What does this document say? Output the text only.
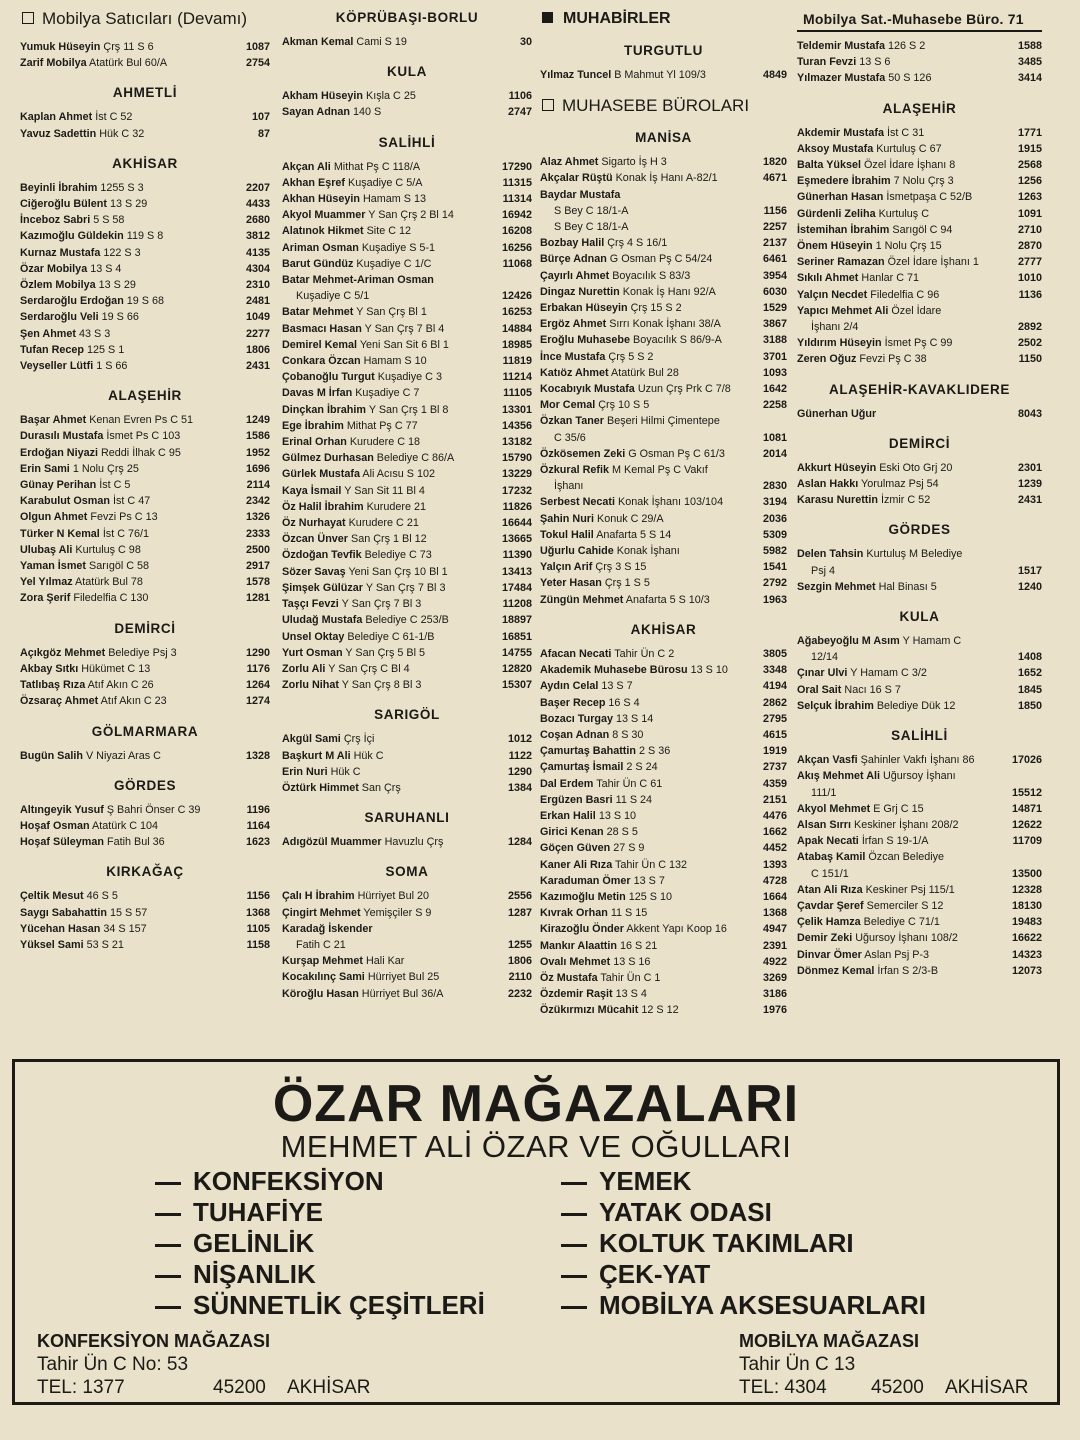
Mobilya Satıcıları (Devamı)
Yumuk Hüseyin Çrş 11 S 6	1087
Zarif Mobilya Atatürk Bul 60/A	2754
AHMETLİ
Kaplan Ahmet İst C 52	107
Yavuz Sadettin Hük C 32	87
AKHİSAR
Beyinli İbrahim 1255 S 3	2207
Ciğeroğlu Bülent 13 S 29	4433
İnceboz Sabri 5 S 58	2680
Kazımoğlu Güldekin 119 S 8	3812
Kurnaz Mustafa 122 S 3	4135
Özar Mobilya 13 S 4	4304
Özlem Mobilya 13 S 29	2310
Serdaroğlu Erdoğan 19 S 68	2481
Serdaroğlu Veli 19 S 66	1049
Şen Ahmet 43 S 3	2277
Tufan Recep 125 S 1	1806
Veyseller Lütfi 1 S 66	2431
ALAŞEHİR
Başar Ahmet Kenan Evren Ps C 51	1249
Durasılı Mustafa İsmet Ps C 103	1586
Erdoğan Niyazi Reddi İlhak C 95	1952
Erin Sami 1 Nolu Çrş 25	1696
Günay Perihan İst C 5	2114
Karabulut Osman İst C 47	2342
Olgun Ahmet Fevzi Ps C 13	1326
Türker N Kemal İst C 76/1	2333
Ulubaş Ali Kurtuluş C 98	2500
Yaman İsmet Sarıgöl C 58	2917
Yel Yılmaz Atatürk Bul 78	1578
Zora Şerif Filedelfia C 130	1281
DEMİRCİ
Açıkgöz Mehmet Belediye Psj 3	1290
Akbay Sıtkı Hükümet C 13	1176
Tatlıbaş Rıza Atıf Akın C 26	1264
Özsaraç Ahmet Atıf Akın C 23	1274
GÖLMARMARA
Bugün Salih V Niyazi Aras C	1328
GÖRDES
Altıngeyik Yusuf Ş Bahri Önser C 39	1196
Hoşaf Osman Atatürk C 104	1164
Hoşaf Süleyman Fatih Bul 36	1623
KIRKAĞAÇ
Çeltik Mesut 46 S 5	1156
Saygı Sabahattin 15 S 57	1368
Yücehan Hasan 34 S 157	1105
Yüksel Sami 53 S 21	1158
KÖPRÜBAŞI-BORLU
Akman Kemal Cami S 19	30
KULA
Akham Hüseyin Kışla C 25	1106
Sayan Adnan 140 S	2747
SALİHLİ
Akçan Ali Mithat Pş C 118/A	17290
Akhan Eşref Kuşadiye C 5/A	11315
Akhan Hüseyin Hamam S 13	11314
Akyol Muammer Y San Çrş 2 Bl 14	16942
Alatınok Hikmet Site C 12	16208
Ariman Osman Kuşadiye S 5-1	16256
Barut Gündüz Kuşadiye C 1/C	11068
Batar Mehmet-Ariman Osman
Kuşadiye C 5/1	12426
Batar Mehmet Y San Çrş Bl 1	16253
Basmacı Hasan Y San Çrş 7 Bl 4	14884
Demirel Kemal Yeni San Sit 6 Bl 1	18985
Conkara Özcan Hamam S 10	11819
Çobanoğlu Turgut Kuşadiye C 3	11214
Davas M İrfan Kuşadiye C 7	11105
Dinçkan İbrahim Y San Çrş 1 Bl 8	13301
Ege İbrahim Mithat Pş C 77	14356
Erinal Orhan Kurudere C 18	13182
Gülmez Durhasan Belediye C 86/A	15790
Gürlek Mustafa Ali Acısu S 102	13229
Kaya İsmail Y San Sit 11 Bl 4	17232
Öz Halil İbrahim Kurudere 21	11826
Öz Nurhayat Kurudere C 21	16644
Özcan Ünver San Çrş 1 Bl 12	13665
Özdoğan Tevfik Belediye C 73	11390
Sözer Savaş Yeni San Çrş 10 Bl 1	13413
Şimşek Gülüzar Y San Çrş 7 Bl 3	17484
Taşçı Fevzi Y San Çrş 7 Bl 3	11208
Uludağ Mustafa Belediye C 253/B	18897
Unsel Oktay Belediye C 61-1/B	16851
Yurt Osman Y San Çrş 5 Bl 5	14755
Zorlu Ali Y San Çrş C Bl 4	12820
Zorlu Nihat Y San Çrş 8 Bl 3	15307
SARIGÖL
Akgül Sami Çrş İçi	1012
Başkurt M Ali Hük C	1122
Erin Nuri Hük C	1290
Öztürk Himmet San Çrş	1384
SARUHANLI
Adıgözül Muammer Havuzlu Çrş	1284
SOMA
Çalı H İbrahim Hürriyet Bul 20	2556
Çingirt Mehmet Yemişçiler S 9	1287
Karadağ İskender
Fatih C 21	1255
Kurşap Mehmet Hali Kar	1806
Kocakılınç Sami Hürriyet Bul 25	2110
Köroğlu Hasan Hürriyet Bul 36/A	2232
MUHABİRLER
TURGUTLU
Yılmaz Tuncel B Mahmut Yl 109/3	4849
MUHASEBE BÜROLARI
MANİSA
Alaz Ahmet Sigarto İş H 3	1820
Akçalar Rüştü Konak İş Hanı A-82/1	4671
Baydar Mustafa
S Bey C 18/1-A	1156
S Bey C 18/1-A	2257
Bozbay Halil Çrş 4 S 16/1	2137
Bürçe Adnan G Osman Pş C 54/24	6461
Çayırlı Ahmet Boyacılık S 83/3	3954
Dingaz Nurettin Konak İş Hanı 92/A	6030
Erbakan Hüseyin Çrş 15 S 2	1529
Ergöz Ahmet Sırrı Konak İşhanı 38/A	3867
Eroğlu Muhasebe Boyacılık S 86/9-A	3188
İnce Mustafa Çrş 5 S 2	3701
Katıöz Ahmet Atatürk Bul 28	1093
Kocabıyık Mustafa Uzun Çrş Prk C 7/8	1642
Mor Cemal Çrş 10 S 5	2258
Özkan Taner Beşeri Hilmi Çimentepe
C 35/6	1081
Özkösemen Zeki G Osman Pş C 61/3	2014
Özkural Refik M Kemal Pş C Vakıf
İşhanı	2830
Serbest Necati Konak İşhanı 103/104	3194
Şahin Nuri Konuk C 29/A	2036
Tokul Halil Anafarta 5 S 14	5309
Uğurlu Cahide Konak İşhanı	5982
Yalçın Arif Çrş 3 S 15	1541
Yeter Hasan Çrş 1 S 5	2792
Züngün Mehmet Anafarta 5 S 10/3	1963
AKHİSAR
Afacan Necati Tahir Ün C 2	3805
Akademik Muhasebe Bürosu 13 S 10	3348
Aydın Celal 13 S 7	4194
Başer Recep 16 S 4	2862
Bozacı Turgay 13 S 14	2795
Coşan Adnan 8 S 30	4615
Çamurtaş Bahattin 2 S 36	1919
Çamurtaş İsmail 2 S 24	2737
Dal Erdem Tahir Ün C 61	4359
Ergüzen Basri 11 S 24	2151
Erkan Halil 13 S 10	4476
Girici Kenan 28 S 5	1662
Göçen Güven 27 S 9	4452
Kaner Ali Rıza Tahir Ün C 132	1393
Karaduman Ömer 13 S 7	4728
Kazımoğlu Metin 125 S 10	1664
Kıvrak Orhan 11 S 15	1368
Kirazoğlu Önder Akkent Yapı Koop 16	4947
Mankır Alaattin 16 S 21	2391
Ovalı Mehmet 13 S 16	4922
Öz Mustafa Tahir Ün C 1	3269
Özdemir Raşit 13 S 4	3186
Özükırmızı Mücahit 12 S 12	1976
Mobilya Sat.-Muhasebe Büro. 71
Teldemir Mustafa 126 S 2	1588
Turan Fevzi 13 S 6	3485
Yılmazer Mustafa 50 S 126	3414
ALAŞEHİR
Akdemir Mustafa İst C 31	1771
Aksoy Mustafa Kurtuluş C 67	1915
Balta Yüksel Özel İdare İşhanı 8	2568
Eşmedere İbrahim 7 Nolu Çrş 3	1256
Günerhan Hasan İsmetpaşa C 52/B	1263
Gürdenli Zeliha Kurtuluş C	1091
İstemihan İbrahim Sarıgöl C 94	2710
Önem Hüseyin 1 Nolu Çrş 15	2870
Seriner Ramazan Özel İdare İşhanı 1	2777
Sıkılı Ahmet Hanlar C 71	1010
Yalçın Necdet Filedelfia C 96	1136
Yapıcı Mehmet Ali Özel İdare
İşhanı 2/4	2892
Yıldırım Hüseyin İsmet Pş C 99	2502
Zeren Oğuz Fevzi Pş C 38	1150
ALAŞEHİR-KAVAKLIDERE
Günerhan Uğur	8043
DEMİRCİ
Akkurt Hüseyin Eski Oto Grj 20	2301
Aslan Hakkı Yorulmaz Psj 54	1239
Karasu Nurettin İzmir C 52	2431
GÖRDES
Delen Tahsin Kurtuluş M Belediye
Psj 4	1517
Sezgin Mehmet Hal Binası 5	1240
KULA
Ağabeyoğlu M Asım Y Hamam C
12/14	1408
Çınar Ulvi Y Hamam C 3/2	1652
Oral Sait Nacı 16 S 7	1845
Selçuk İbrahim Belediye Dük 12	1850
SALİHLİ
Akçan Vasfi Şahinler Vakfı İşhanı 86	17026
Akış Mehmet Ali Uğursoy İşhanı
111/1	15512
Akyol Mehmet E Grj C 15	14871
Alsan Sırrı Keskiner İşhanı 208/2	12622
Apak Necati İrfan S 19-1/A	11709
Atabaş Kamil Özcan Belediye
C 151/1	13500
Atan Ali Rıza Keskiner Psj 115/1	12328
Çavdar Şeref Semerciler S 12	18130
Çelik Hamza Belediye C 71/1	19483
Demir Zeki Uğursoy İşhanı 108/2	16622
Dinvar Ömer Aslan Psj P-3	14323
Dönmez Kemal İrfan S 2/3-B	12073
ÖZAR MAĞAZALARI
MEHMET ALİ ÖZAR VE OĞULLARI
KONFEKSİYON
TUHAFİYE
GELİNLİK
NİŞANLIK
SÜNNETLİK ÇEŞİTLERİ
YEMEK
YATAK ODASI
KOLTUK TAKIMLARI
ÇEK-YAT
MOBİLYA AKSESUARLARI
KONFEKSİYON MAĞAZASI
Tahir Ün C No: 53
TEL: 1377	45200	AKHİSAR
MOBİLYA MAĞAZASI
Tahir Ün C 13
TEL: 4304	45200	AKHİSAR
